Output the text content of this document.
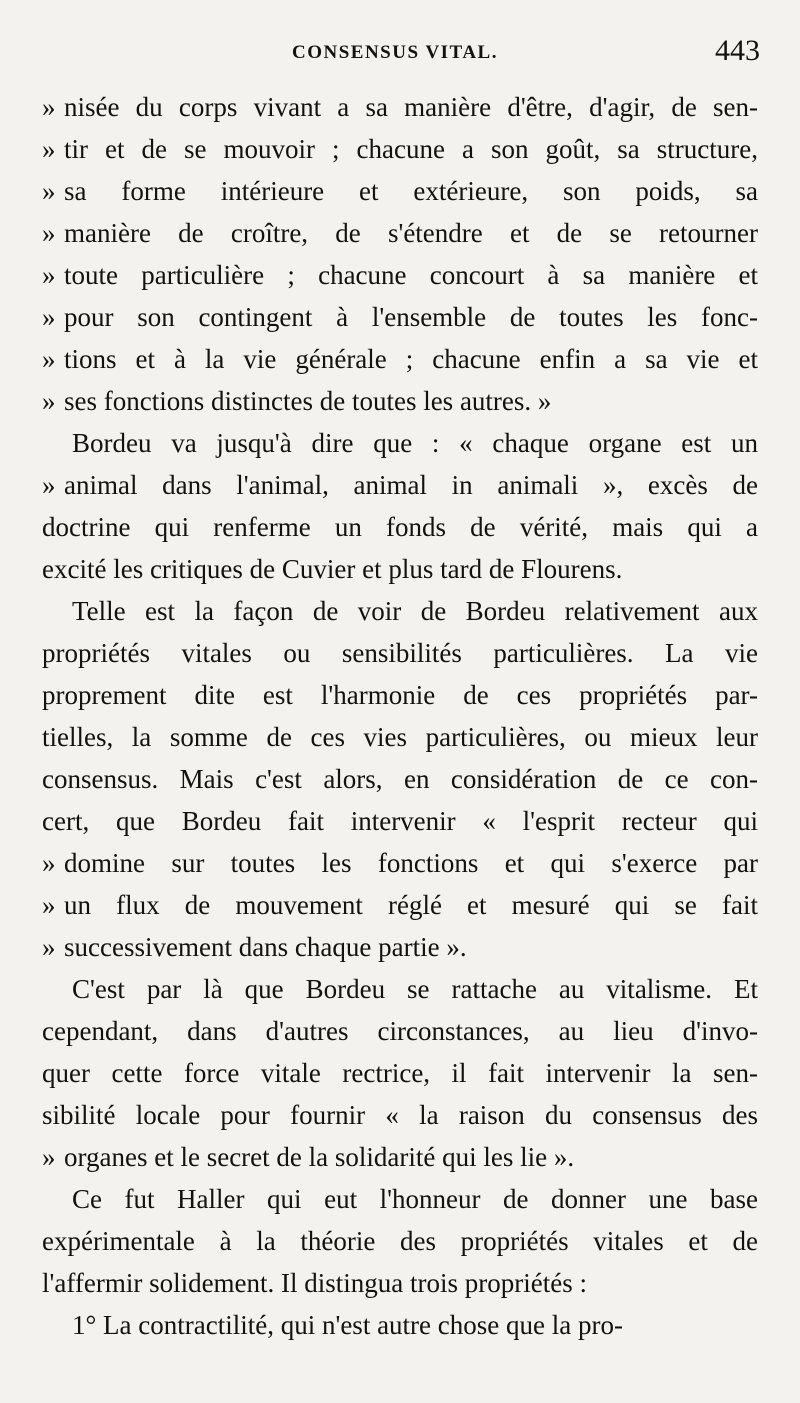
CONSENSUS VITAL.	443
» nisée du corps vivant a sa manière d'être, d'agir, de sen-
» tir et de se mouvoir ; chacune a son goût, sa structure,
» sa forme intérieure et extérieure, son poids, sa
» manière de croître, de s'étendre et de se retourner
» toute particulière ; chacune concourt à sa manière et
» pour son contingent à l'ensemble de toutes les fonc-
» tions et à la vie générale ; chacune enfin a sa vie et
» ses fonctions distinctes de toutes les autres. »
Bordeu va jusqu'à dire que : « chaque organe est un
» animal dans l'animal, animal in animali », excès de
doctrine qui renferme un fonds de vérité, mais qui a
excité les critiques de Cuvier et plus tard de Flourens.
Telle est la façon de voir de Bordeu relativement aux
propriétés vitales ou sensibilités particulières. La vie
proprement dite est l'harmonie de ces propriétés par-
tielles, la somme de ces vies particulières, ou mieux leur
consensus. Mais c'est alors, en considération de ce con-
cert, que Bordeu fait intervenir « l'esprit recteur qui
» domine sur toutes les fonctions et qui s'exerce par
» un flux de mouvement réglé et mesuré qui se fait
» successivement dans chaque partie ».
C'est par là que Bordeu se rattache au vitalisme. Et
cependant, dans d'autres circonstances, au lieu d'invo-
quer cette force vitale rectrice, il fait intervenir la sen-
sibilité locale pour fournir « la raison du consensus des
» organes et le secret de la solidarité qui les lie ».
Ce fut Haller qui eut l'honneur de donner une base
expérimentale à la théorie des propriétés vitales et de
l'affermir solidement. Il distingua trois propriétés :
1° La contractilité, qui n'est autre chose que la pro-
